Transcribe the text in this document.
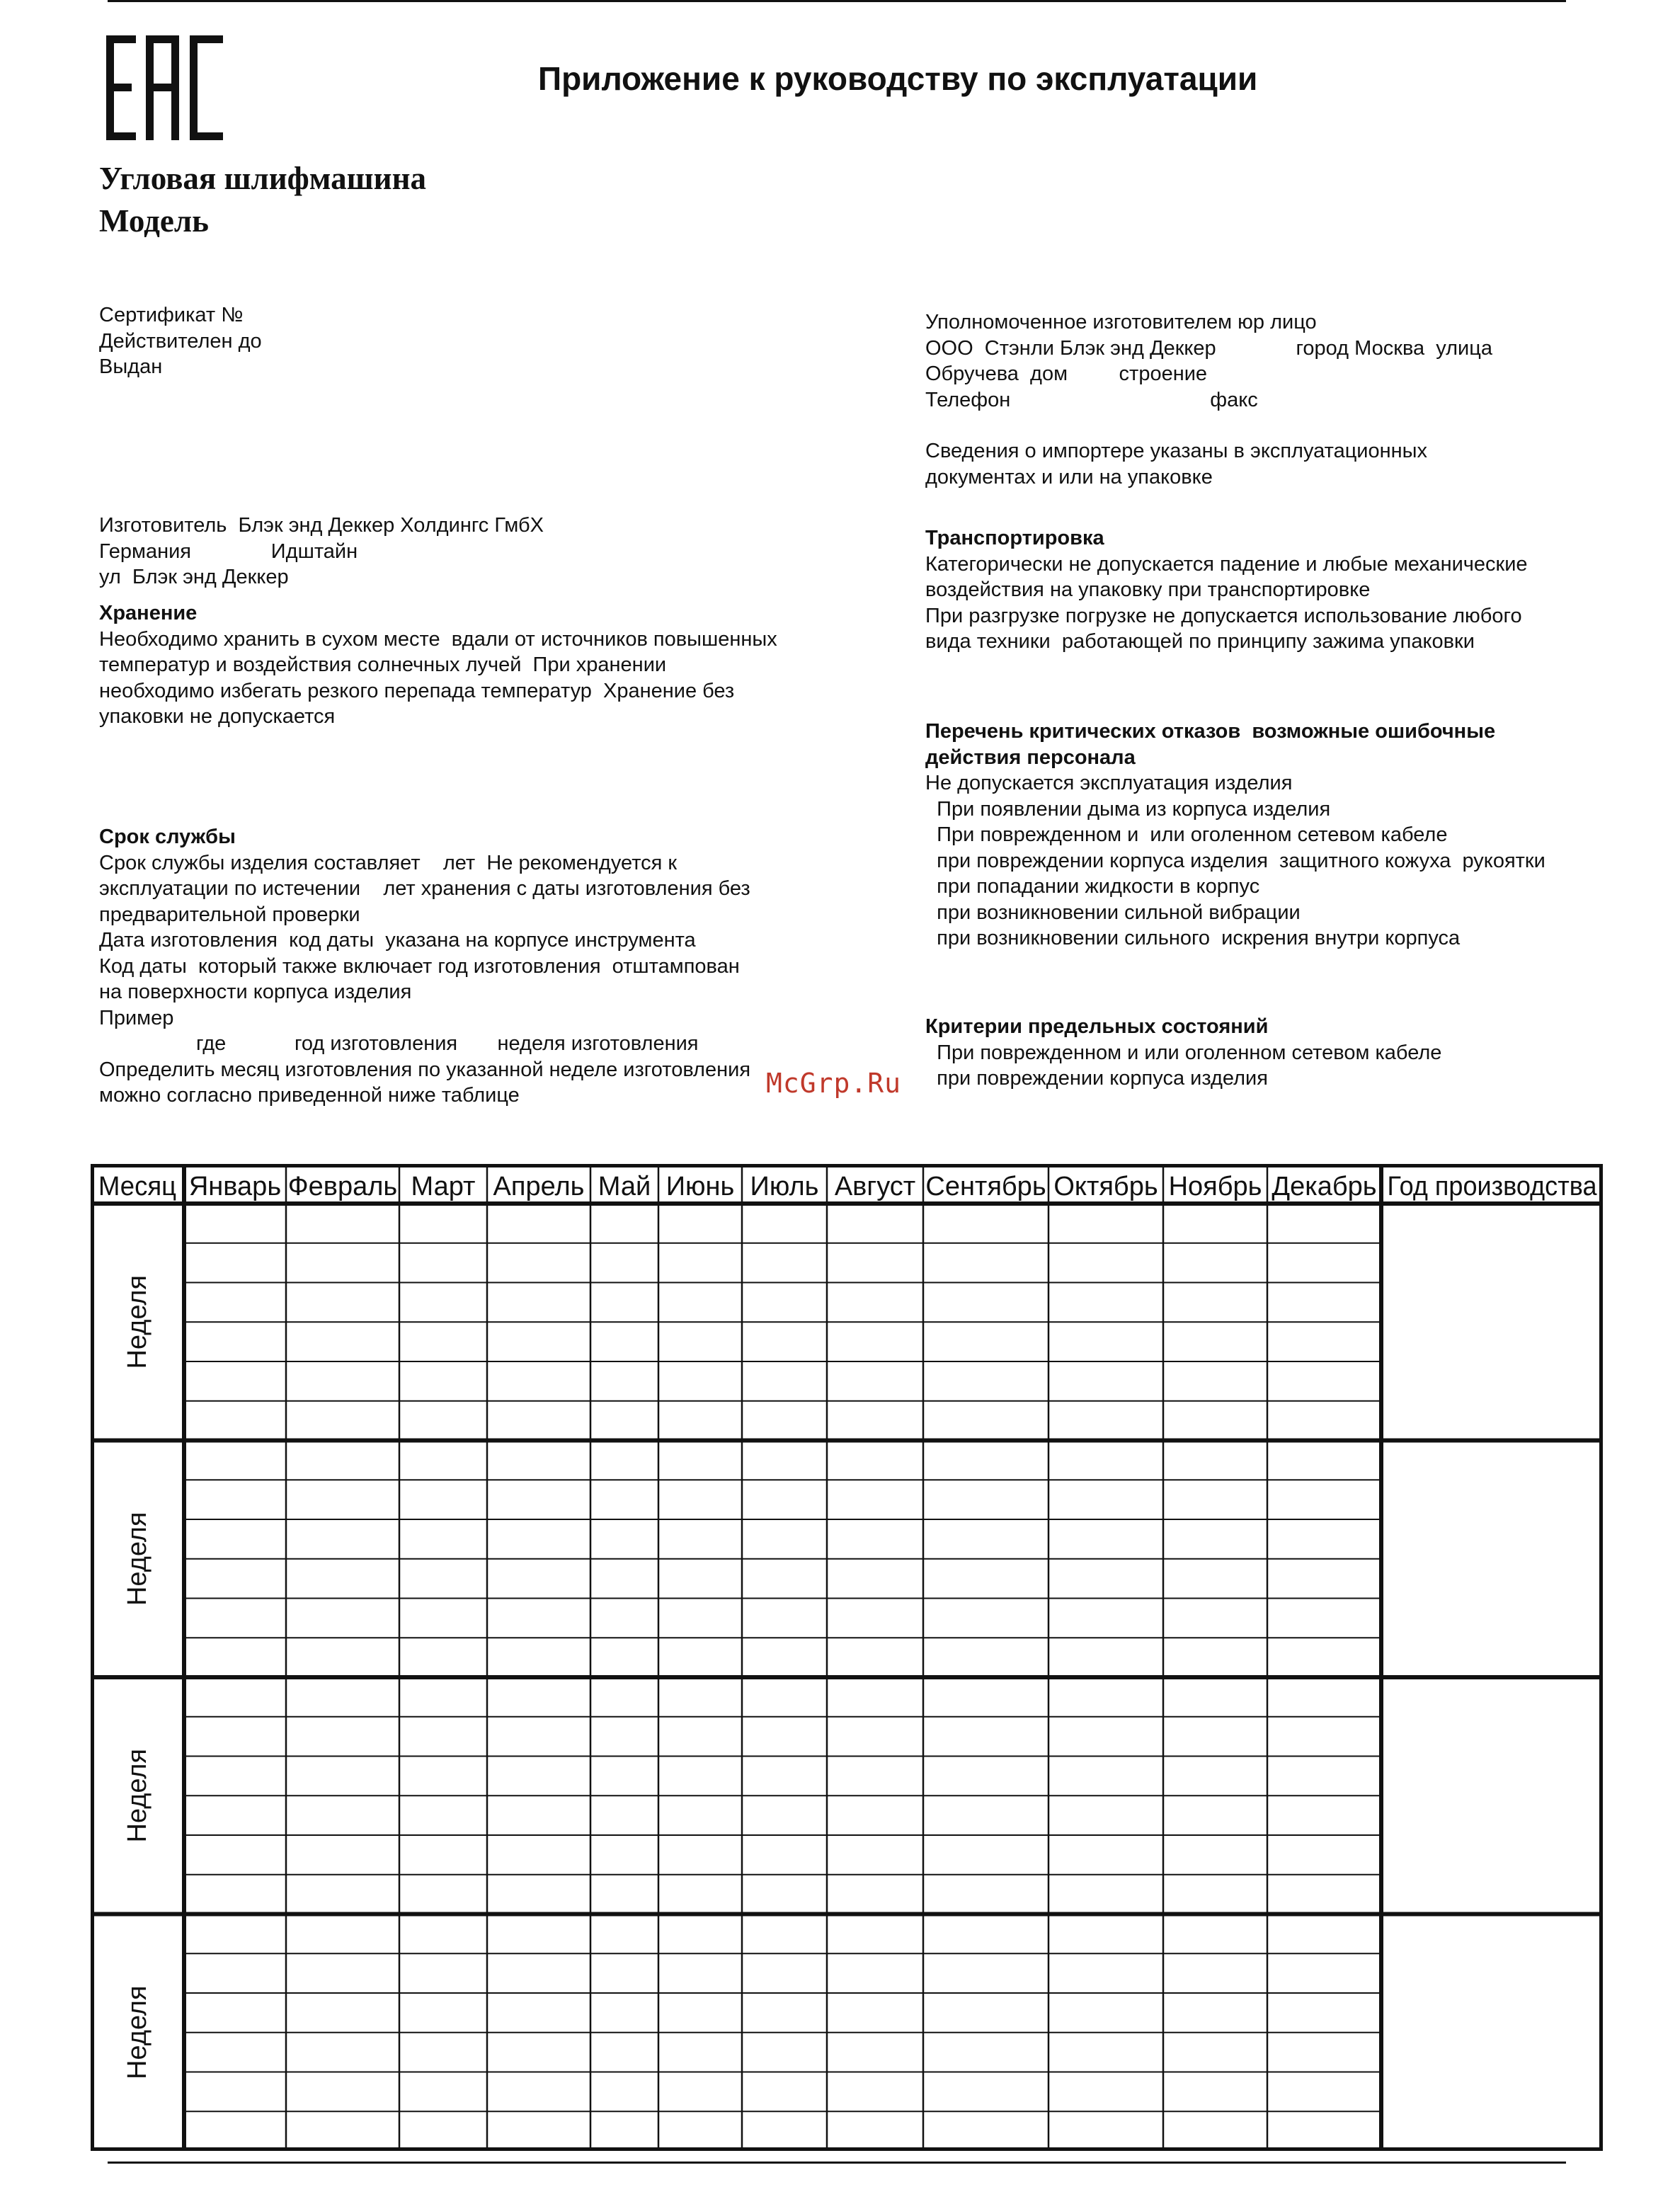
Приложение к руководству по эксплуатации
Угловая шлифмашина
Модель
Сертификат №
Действителен до
Выдан
Изготовитель  Блэк энд Деккер Холдингс ГмбХ
Германия              Идштайн
ул  Блэк энд Деккер
Хранение
Необходимо хранить в сухом месте  вдали от источников повышенных
температур и воздействия солнечных лучей  При хранении
необходимо избегать резкого перепада температур  Хранение без
упаковки не допускается
Срок службы
Срок службы изделия составляет    лет  Не рекомендуется к
эксплуатации по истечении    лет хранения с даты изготовления без
предварительной проверки
Дата изготовления  код даты  указана на корпусе инструмента
Код даты  который также включает год изготовления  отштампован
на поверхности корпуса изделия
Пример
где            год изготовления       неделя изготовления
Определить месяц изготовления по указанной неделе изготовления
можно согласно приведенной ниже таблице
Уполномоченное изготовителем юр лицо
ООО  Стэнли Блэк энд Деккер              город Москва  улица
Обручева  дом         строение
Телефон                                   факс
Сведения о импортере указаны в эксплуатационных
документах и или на упаковке
Транспортировка
Категорически не допускается падение и любые механические
воздействия на упаковку при транспортировке
При разгрузке погрузке не допускается использование любого
вида техники  работающей по принципу зажима упаковки
Перечень критических отказов  возможные ошибочные
действия персонала
Не допускается эксплуатация изделия
При появлении дыма из корпуса изделия
При поврежденном и  или оголенном сетевом кабеле
при повреждении корпуса изделия  защитного кожуха  рукоятки
при попадании жидкости в корпус
при возникновении сильной вибрации
при возникновении сильного  искрения внутри корпуса
Критерии предельных состояний
При поврежденном и или оголенном сетевом кабеле
при повреждении корпуса изделия
McGrp.Ru
Месяц Январь Февраль Март Апрель Май Июнь Июль Август Сентябрь Октябрь Ноябрь Декабрь Год производства
Неделя
Неделя
Неделя
Неделя
